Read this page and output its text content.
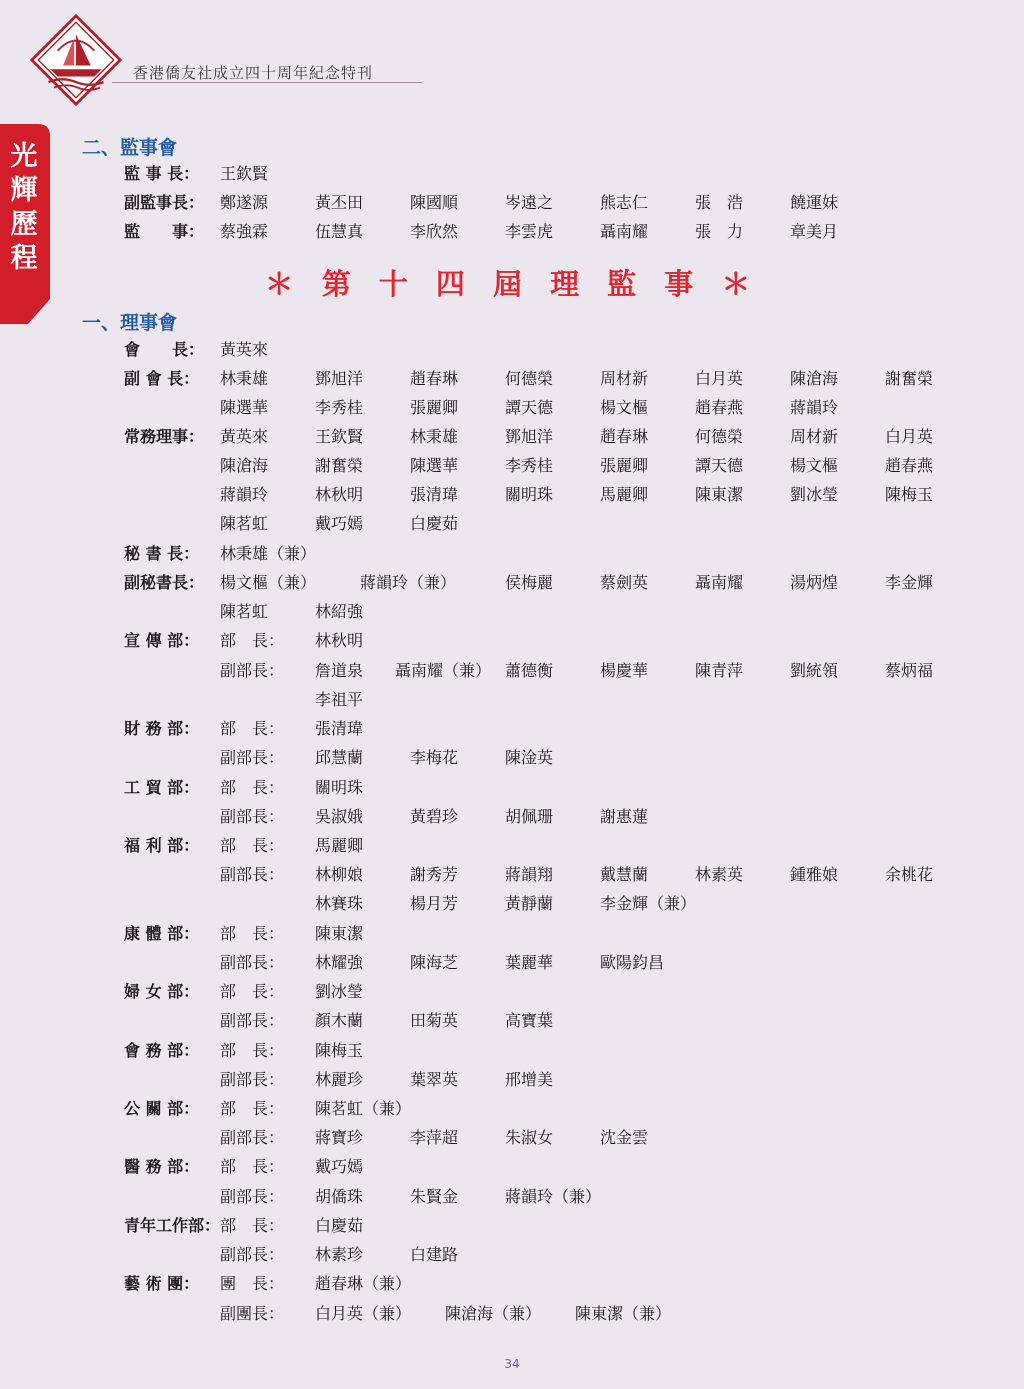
香港僑友社成立四十周年紀念特刊
光輝歷程
二、監事會
＊ 第 十 四 屆 理 監 事 ＊
一、理事會
監 事 長： 王欽賢
副監事長： 鄭遂源	黃丕田	陳國順	岑遠之	熊志仁	張　浩	饒運妹
監　　事： 蔡強霖	伍慧真	李欣然	李雲虎	聶南耀	張　力	章美月
會　　長： 黃英來
副 會 長： 林秉雄	鄧旭洋	趙春琳	何德榮	周材新	白月英	陳滄海	謝奮榮
陳選華	李秀桂	張麗卿	譚天德	楊文樞	趙春燕	蔣韻玲
常務理事： 黃英來	王欽賢	林秉雄	鄧旭洋	趙春琳	何德榮	周材新	白月英
陳滄海	謝奮榮	陳選華	李秀桂	張麗卿	譚天德	楊文樞	趙春燕
蔣韻玲	林秋明	張清瑋	關明珠	馬麗卿	陳東潔	劉冰瑩	陳梅玉
陳茗虹	戴巧嫣	白慶茹
秘 書 長： 林秉雄（兼）
副秘書長： 楊文樞（兼）	蔣韻玲（兼）	侯梅麗	蔡劍英	聶南耀	湯炳煌	李金輝
陳茗虹	林紹強
宣 傳 部： 部　長： 林秋明
副部長： 詹道泉 聶南耀（兼） 蕭德衡	楊慶華	陳青萍	劉統領	蔡炳福
李祖平
財 務 部： 部　長： 張清瑋
副部長： 邱慧蘭	李梅花	陳淦英
工 貿 部： 部　長： 關明珠
副部長： 吳淑娥	黃碧珍	胡佩珊	謝惠蓮
福 利 部： 部　長： 馬麗卿
副部長： 林柳娘	謝秀芳	蔣韻翔	戴慧蘭	林素英	鍾雅娘	余桃花
林賽珠	楊月芳	黃靜蘭	李金輝（兼）
康 體 部： 部　長： 陳東潔
副部長： 林耀強	陳海芝	葉麗華	歐陽鈞昌
婦 女 部： 部　長： 劉冰瑩
副部長： 顏木蘭	田菊英	高寶葉
會 務 部： 部　長： 陳梅玉
副部長： 林麗珍	葉翠英	邢增美
公 關 部： 部　長： 陳茗虹（兼）
副部長： 蔣寶珍	李萍超	朱淑女	沈金雲
醫 務 部： 部　長： 戴巧嫣
副部長： 胡僑珠	朱賢金	蔣韻玲（兼）
青年工作部： 部　長： 白慶茹
副部長： 林素珍	白建路
藝 術 團： 團　長： 趙春琳（兼）
副團長： 白月英（兼） 陳滄海（兼） 陳東潔（兼）
34
